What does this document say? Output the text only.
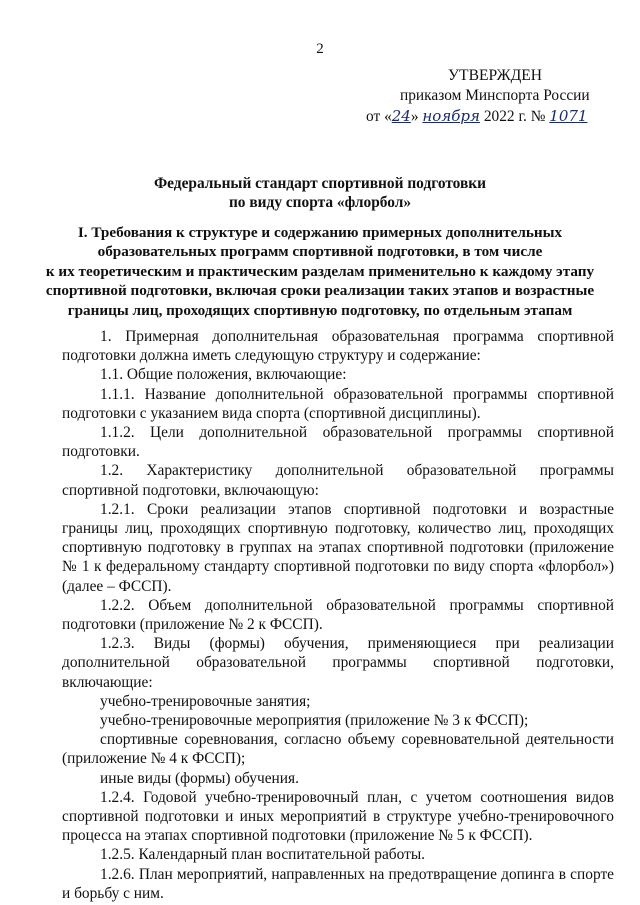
2
УТВЕРЖДЕН
приказом Минспорта России
от «24» ноября 2022 г. № 1071
Федеральный стандарт спортивной подготовки
по виду спорта «флорбол»
I. Требования к структуре и содержанию примерных дополнительных
образовательных программ спортивной подготовки, в том числе
к их теоретическим и практическим разделам применительно к каждому этапу
спортивной подготовки, включая сроки реализации таких этапов и возрастные
границы лиц, проходящих спортивную подготовку, по отдельным этапам

1. Примерная дополнительная образовательная программа спортивной подготовки должна иметь следующую структуру и содержание:

1.1. Общие положения, включающие:

1.1.1. Название дополнительной образовательной программы спортивной подготовки с указанием вида спорта (спортивной дисциплины).

1.1.2. Цели дополнительной образовательной программы спортивной подготовки.

1.2. Характеристику дополнительной образовательной программы спортивной подготовки, включающую:

1.2.1. Сроки реализации этапов спортивной подготовки и возрастные границы лиц, проходящих спортивную подготовку, количество лиц, проходящих спортивную подготовку в группах на этапах спортивной подготовки (приложение № 1 к федеральному стандарту спортивной подготовки по виду спорта «флорбол») (далее – ФССП).

1.2.2. Объем дополнительной образовательной программы спортивной подготовки (приложение № 2 к ФССП).

1.2.3. Виды (формы) обучения, применяющиеся при реализации дополнительной образовательной программы спортивной подготовки, включающие:

учебно-тренировочные занятия;

учебно-тренировочные мероприятия (приложение № 3 к ФССП);

спортивные соревнования, согласно объему соревновательной деятельности (приложение № 4 к ФССП);

иные виды (формы) обучения.

1.2.4. Годовой учебно-тренировочный план, с учетом соотношения видов спортивной подготовки и иных мероприятий в структуре учебно-тренировочного процесса на этапах спортивной подготовки (приложение № 5 к ФССП).

1.2.5. Календарный план воспитательной работы.

1.2.6. План мероприятий, направленных на предотвращение допинга в спорте и борьбу с ним.
